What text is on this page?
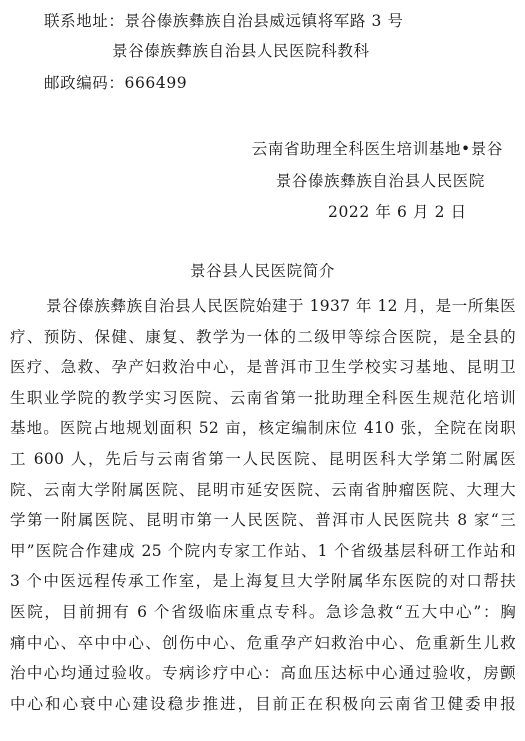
联系地址：景谷傣族彝族自治县威远镇将军路 3 号
景谷傣族彝族自治县人民医院科教科
邮政编码：666499
云南省助理全科医生培训基地•景谷
景谷傣族彝族自治县人民医院
2022 年 6 月 2 日
景谷县人民医院简介
景谷傣族彝族自治县人民医院始建于 1937 年 12 月，是一所集医
疗、预防、保健、康复、教学为一体的二级甲等综合医院，是全县的
医疗、急救、孕产妇救治中心，是普洱市卫生学校实习基地、昆明卫
生职业学院的教学实习医院、云南省第一批助理全科医生规范化培训
基地。医院占地规划面积 52 亩，核定编制床位 410 张，全院在岗职
工 600 人，先后与云南省第一人民医院、昆明医科大学第二附属医
院、云南大学附属医院、昆明市延安医院、云南省肿瘤医院、大理大
学第一附属医院、昆明市第一人民医院、普洱市人民医院共 8 家“三
甲”医院合作建成 25 个院内专家工作站、1 个省级基层科研工作站和
3 个中医远程传承工作室，是上海复旦大学附属华东医院的对口帮扶
医院，目前拥有 6 个省级临床重点专科。急诊急救“五大中心”：胸
痛中心、卒中中心、创伤中心、危重孕产妇救治中心、危重新生儿救
治中心均通过验收。专病诊疗中心：高血压达标中心通过验收，房颤
中心和心衰中心建设稳步推进，目前正在积极向云南省卫健委申报
